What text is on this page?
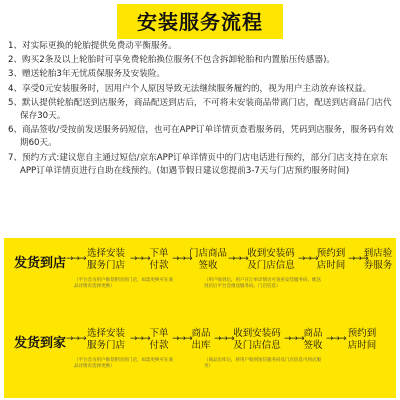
安装服务流程

1、对实际更换的轮胎提供免费动平衡服务。

2、购买2条及以上轮胎时可享免费轮胎换位服务(不包含拆卸轮胎和内置胎压传感器)。

3、赠送轮胎3年无忧质保服务及安装险。

4、享受0元安装服务时，因用户个人原因导致无法继续服务履约的，视为用户主动放弃该权益。

5、默认提供轮胎配送到店服务，商品配送到店后，不可将未安装商品带离门店，配送到店商品门店代保存30天。

6、商品签收/受按前发送服务码短信，也可在APP订单详情页查看服务码，凭码到店服务，服务码有效期60天。

7、预约方式:建议您自主通过短信/京东APP订单详情页中的门店电话进行预约，部分门店支持在京东APP订单详情页进行自助在线预约。(如遇节假日建议您提前3-7天与门店预约服务时间)

发货到店 →→→ 选择安装
服务门店
→→→ 下单
付款
→→→
门店商品
签收
→→→ 收到安装码
及门店信息
→→→ 预约到
店时间
→→→
到店验
券服务
（平台会为用户推荐附近的门店，如需更换可在商品详情页选择更换）
（用户收到后，用户在订单详情页可查看安装服务码，配送到店后平台会推送服务码、门店信息）
发货到家 →→→ 选择安装
服务门店
→→→ 下单
付款
→→→ 商品
出库
→→→ 收到安装码
及门店信息
→→→ 商品
签收
→→→ 预约到
店时间
（平台会为用户推荐附近的门店，如需更换可在商品详情页选择更换）
（商品出库后，将用户收到短信服务码及门店信息可到店服务）
